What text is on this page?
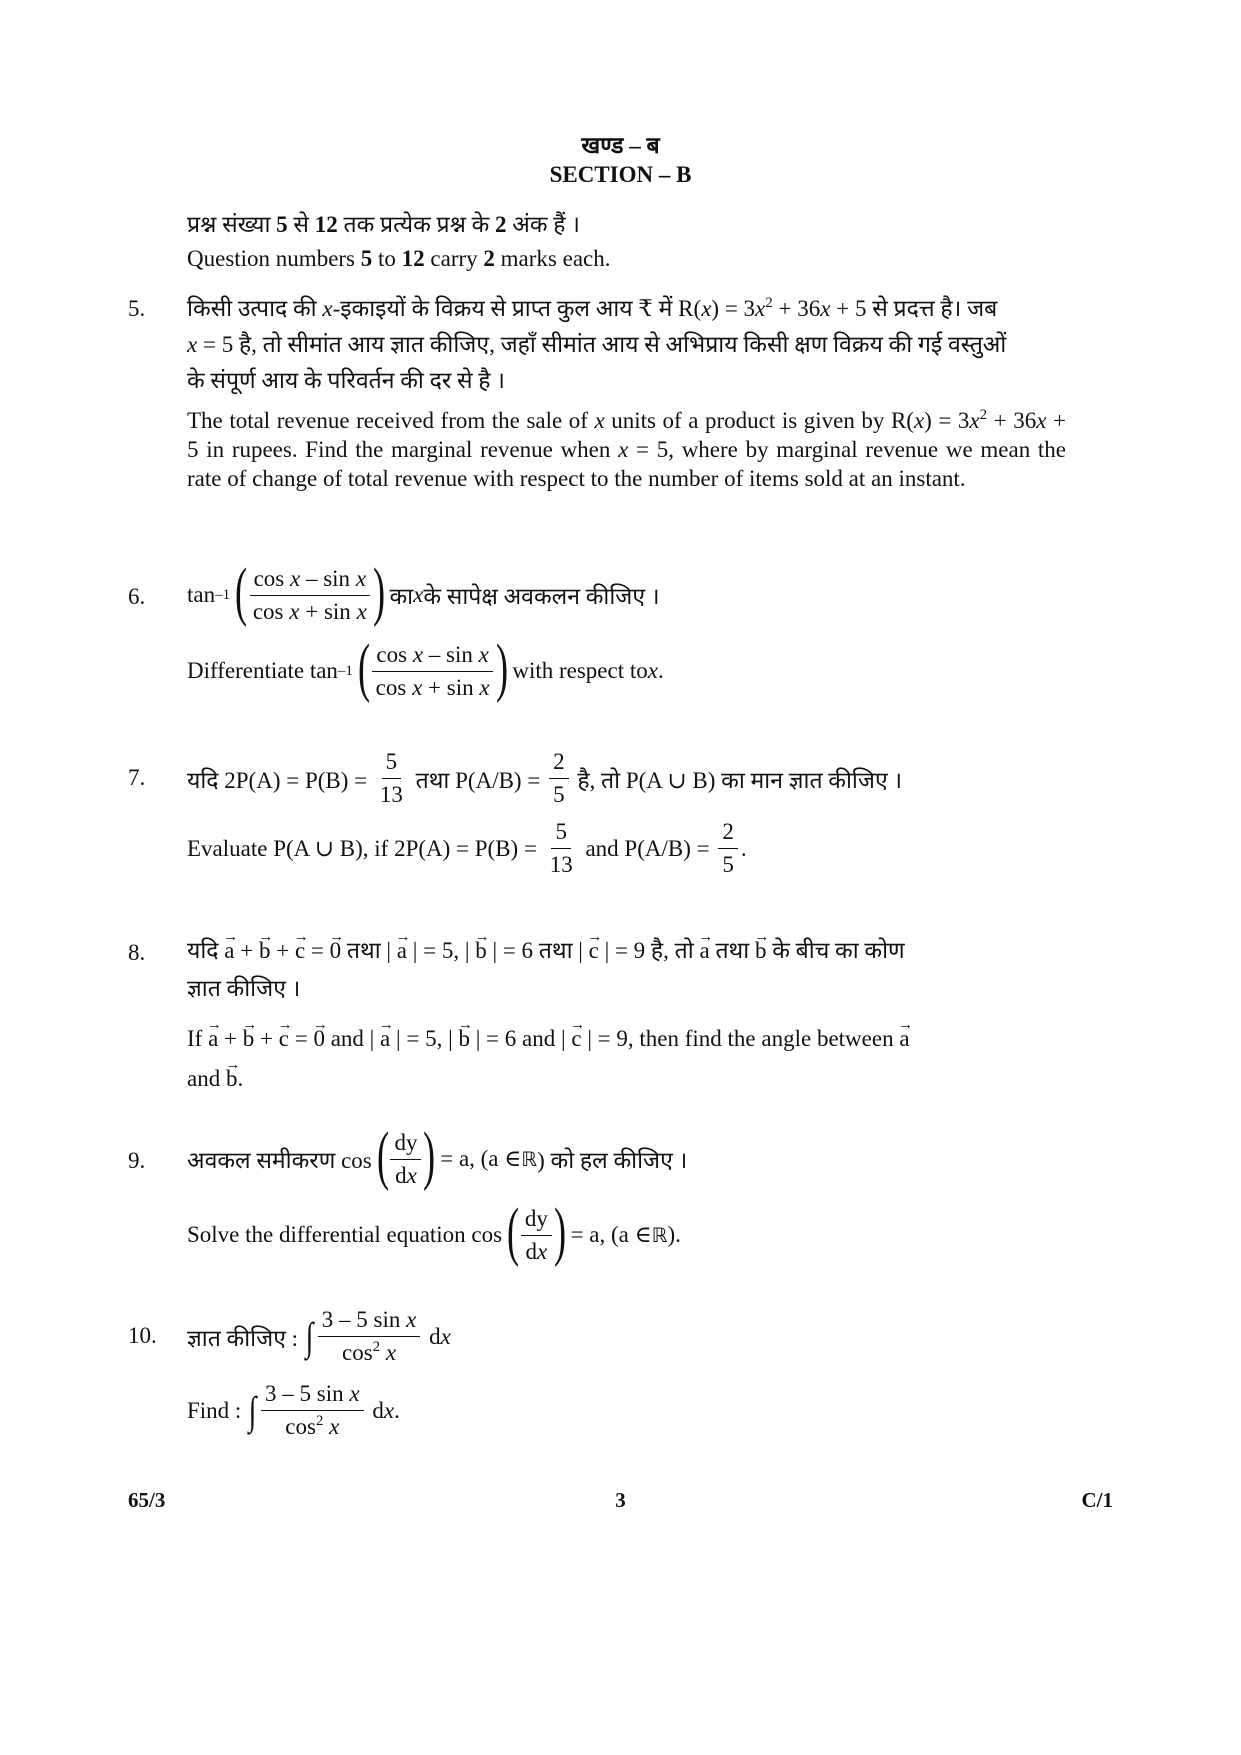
खण्ड – ब
SECTION – B
प्रश्न संख्या 5 से 12 तक प्रत्येक प्रश्न के 2 अंक हैं ।
Question numbers 5 to 12 carry 2 marks each.
5. किसी उत्पाद की x-इकाइयों के विक्रय से प्राप्त कुल आय ₹ में $R(x) = 3x^2 + 36x + 5$ से प्रदत्त है। जब
x = 5 है, तो सीमांत आय ज्ञात कीजिए, जहाँ सीमांत आय से अभिप्राय किसी क्षण विक्रय की गई वस्तुओं
के संपूर्ण आय के परिवर्तन की दर से है ।
The total revenue received from the sale of x units of a product is given by $R(x) = 3x^2 + 36x + 5$ in rupees. Find the marginal revenue when x = 5, where by marginal revenue we mean the rate of change of total revenue with respect to the number of items sold at an instant.
6. tan –1
( $\frac{\text{cos x – sin x}}{\text{cos x + sin x}}$ )
का x के सापेक्ष अवकलन कीजिए ।
Differentiate tan –1
( $\frac{\text{cos x – sin x}}{\text{cos x + sin x}}$ )
with respect to x .
7. यदि 2P(A) = P(B) =
$\frac{5}{13}$
तथा P(A/B) =
$\frac{2}{5}$
है, तो P(A ∪ B) का मान ज्ञात कीजिए ।
Evaluate P(A ∪ B), if 2P(A) = P(B) =
$\frac{5}{13}$
and P(A/B) =
$\frac{2}{5}$ .
8. यदि → a + → b + → c = → 0 तथा | → a | = 5, | → b | = 6 तथा | → c | = 9 है, तो → a तथा → b के बीच का कोण
ज्ञात कीजिए ।
If → a + → b + → c = → 0 and | → a | = 5, | → b | = 6 and | → c | = 9, then find the angle between → a
and → b.
9. अवकल समीकरण cos
( $\frac{dy}{dx}$ )
= a, (a ∈ ℝ ) को हल कीजिए ।
Solve the differential equation cos
( $\frac{dy}{dx}$ )
= a, (a ∈ ℝ ).
10. ज्ञात कीजिए :
∫ $\frac{\text{3 – 5 sin x}}{\cos^2 x}$
d x
Find :
∫ $\frac{\text{3 – 5 sin x}}{\cos^2 x}$
d x .
65/3	3	C/1
